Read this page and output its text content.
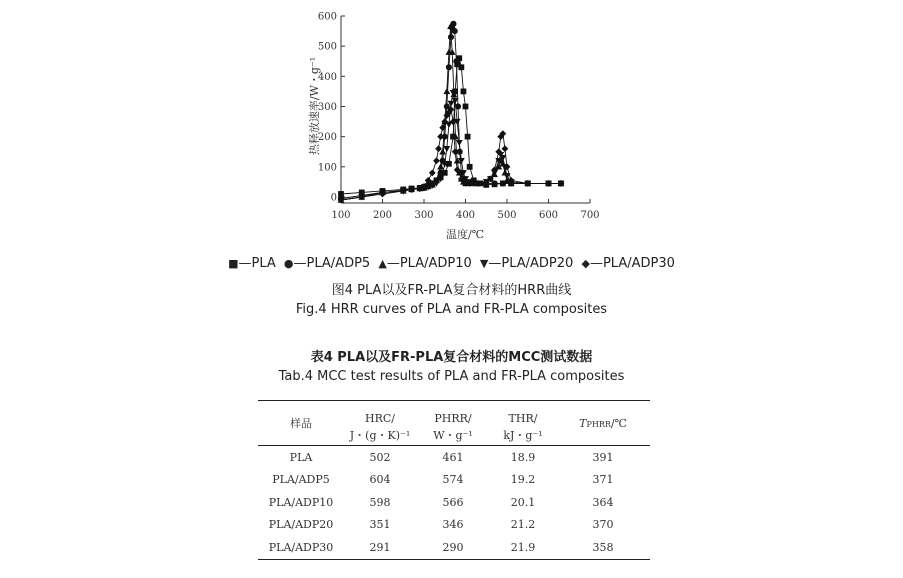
100 200 300 400 500 600 700
0
100
200
300
400
500
600
温度/℃
热释放速率/W・g⁻¹
■—PLA ●—PLA/ADP5 ▲—PLA/ADP10 ▼—PLA/ADP20 ◆—PLA/ADP30
图4 PLA以及FR-PLA复合材料的HRR曲线
Fig.4 HRR curves of PLA and FR-PLA composites
表4 PLA以及FR-PLA复合材料的MCC测试数据
Tab.4 MCC test results of PLA and FR-PLA composites
样品	HRC/	PHRR/	THR/	TPHRR/℃
	J・(g・K)⁻¹	W・g⁻¹	kJ・g⁻¹	
PLA	502	461	18.9	391
PLA/ADP5	604	574	19.2	371
PLA/ADP10	598	566	20.1	364
PLA/ADP20	351	346	21.2	370
PLA/ADP30	291	290	21.9	358
